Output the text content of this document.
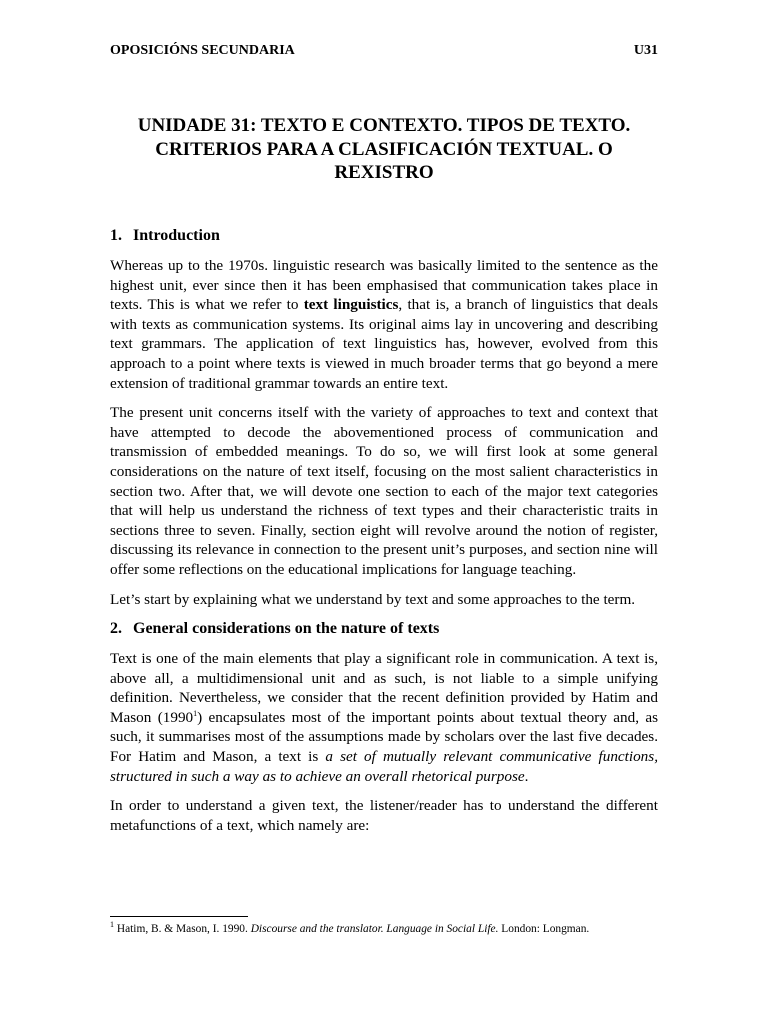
OPOSICIÓNS SECUNDARIA	U31
UNIDADE 31: TEXTO E CONTEXTO. TIPOS DE TEXTO.
CRITERIOS PARA A CLASIFICACIÓN TEXTUAL. O
REXISTRO
1. Introduction

Whereas up to the 1970s. linguistic research was basically limited to the sentence as the highest unit, ever since then it has been emphasised that communication takes place in texts. This is what we refer to text linguistics, that is, a branch of linguistics that deals with texts as communication systems. Its original aims lay in uncovering and describing text grammars. The application of text linguistics has, however, evolved from this approach to a point where texts is viewed in much broader terms that go beyond a mere extension of traditional grammar towards an entire text.

The present unit concerns itself with the variety of approaches to text and context that have attempted to decode the abovementioned process of communication and transmission of embedded meanings. To do so, we will first look at some general considerations on the nature of text itself, focusing on the most salient characteristics in section two. After that, we will devote one section to each of the major text categories that will help us understand the richness of text types and their characteristic traits in sections three to seven. Finally, section eight will revolve around the notion of register, discussing its relevance in connection to the present unit’s purposes, and section nine will offer some reflections on the educational implications for language teaching.

Let’s start by explaining what we understand by text and some approaches to the term.

2. General considerations on the nature of texts

Text is one of the main elements that play a significant role in communication. A text is, above all, a multidimensional unit and as such, is not liable to a simple unifying definition. Nevertheless, we consider that the recent definition provided by Hatim and Mason (1990$^1$) encapsulates most of the important points about textual theory and, as such, it summarises most of the assumptions made by scholars over the last five decades. For Hatim and Mason, a text is a set of mutually relevant communicative functions, structured in such a way as to achieve an overall rhetorical purpose.

In order to understand a given text, the listener/reader has to understand the different metafunctions of a text, which namely are:

$^1$ Hatim, B. & Mason, I. 1990. Discourse and the translator. Language in Social Life. London: Longman.
